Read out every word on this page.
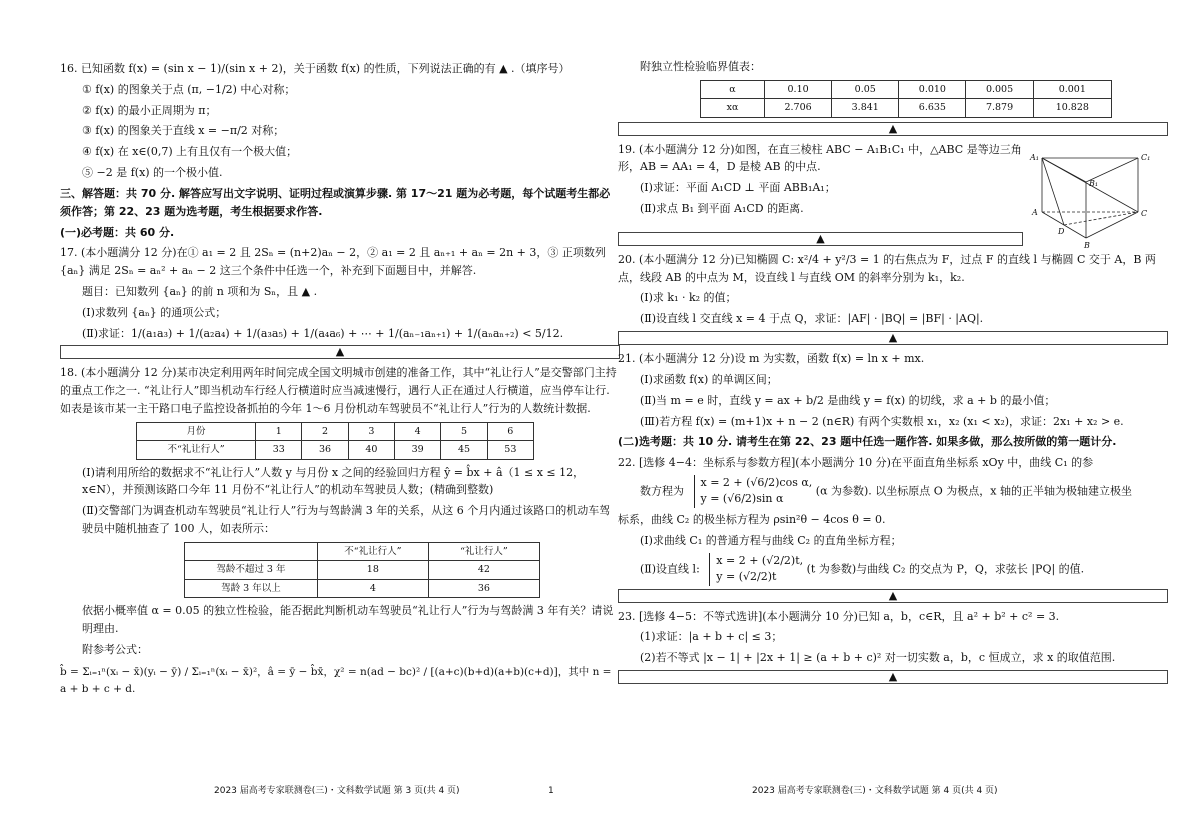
16. 已知函数 f(x) = (sin x − 1)/(sin x + 2)，关于函数 f(x) 的性质，下列说法正确的有 ▲ .（填序号）

① f(x) 的图象关于点 (π, −1/2) 中心对称；

② f(x) 的最小正周期为 π；

③ f(x) 的图象关于直线 x = −π/2 对称；

④ f(x) 在 x∈(0,7) 上有且仅有一个极大值；

⑤ −2 是 f(x) 的一个极小值.

三、解答题：共 70 分. 解答应写出文字说明、证明过程或演算步骤. 第 17～21 题为必考题，每个试题考生都必须作答；第 22、23 题为选考题，考生根据要求作答.

(一)必考题：共 60 分.

17. (本小题满分 12 分)在① a₁ = 2 且 2Sₙ = (n+2)aₙ − 2，② a₁ = 2 且 aₙ₊₁ + aₙ = 2n + 3，③ 正项数列 {aₙ} 满足 2Sₙ = aₙ² + aₙ − 2 这三个条件中任选一个，补充到下面题目中，并解答.

题目：已知数列 {aₙ} 的前 n 项和为 Sₙ，且 ▲ .

(Ⅰ)求数列 {aₙ} 的通项公式；

(Ⅱ)求证：1/(a₁a₃) + 1/(a₂a₄) + 1/(a₃a₅) + 1/(a₄a₆) + ⋯ + 1/(aₙ₋₁aₙ₊₁) + 1/(aₙaₙ₊₂) < 5/12.

▲

18. (本小题满分 12 分)某市决定利用两年时间完成全国文明城市创建的准备工作，其中“礼让行人”是交警部门主持的重点工作之一. “礼让行人”即当机动车行经人行横道时应当减速慢行，遇行人正在通过人行横道，应当停车让行. 如表是该市某一主干路口电子监控设备抓拍的今年 1～6 月份机动车驾驶员不“礼让行人”行为的人数统计数据.

月份	1	2	3	4	5	6
不“礼让行人”	33	36	40	39	45	53

(Ⅰ)请利用所给的数据求不“礼让行人”人数 y 与月份 x 之间的经验回归方程 ŷ = b̂x + â（1 ≤ x ≤ 12，x∈N），并预测该路口今年 11 月份不“礼让行人”的机动车驾驶员人数；(精确到整数)

(Ⅱ)交警部门为调查机动车驾驶员“礼让行人”行为与驾龄满 3 年的关系，从这 6 个月内通过该路口的机动车驾驶员中随机抽查了 100 人，如表所示：

	不“礼让行人”	“礼让行人”
驾龄不超过 3 年	18	42
驾龄 3 年以上	4	36

依据小概率值 α = 0.05 的独立性检验，能否据此判断机动车驾驶员“礼让行人”行为与驾龄满 3 年有关？请说明理由.

附参考公式：

b̂ = Σᵢ₌₁ⁿ(xᵢ − x̄)(yᵢ − ȳ) / Σᵢ₌₁ⁿ(xᵢ − x̄)²，â = ȳ − b̂x̄，χ² = n(ad − bc)² / [(a+c)(b+d)(a+b)(c+d)]，其中 n = a + b + c + d.

2023 届高考专家联测卷(三)・文科数学试题 第 3 页(共 4 页)	1

附独立性检验临界值表：

α	0.10	0.05	0.010	0.005	0.001
xα	2.706	3.841	6.635	7.879	10.828
▲

19. (本小题满分 12 分)如图，在直三棱柱 ABC − A₁B₁C₁ 中，△ABC 是等边三角形，AB = AA₁ = 4，D 是棱 AB 的中点.

(Ⅰ)求证：平面 A₁CD ⊥ 平面 ABB₁A₁；

(Ⅱ)求点 B₁ 到平面 A₁CD 的距离.

▲

20. (本小题满分 12 分)已知椭圆 C: x²/4 + y²/3 = 1 的右焦点为 F，过点 F 的直线 l 与椭圆 C 交于 A，B 两点，线段 AB 的中点为 M，设直线 l 与直线 OM 的斜率分别为 k₁，k₂.

(Ⅰ)求 k₁ · k₂ 的值；

(Ⅱ)设直线 l 交直线 x = 4 于点 Q，求证：|AF| · |BQ| = |BF| · |AQ|.

▲

21. (本小题满分 12 分)设 m 为实数，函数 f(x) = ln x + mx.

(Ⅰ)求函数 f(x) 的单调区间；

(Ⅱ)当 m = e 时，直线 y = ax + b/2 是曲线 y = f(x) 的切线，求 a + b 的最小值；

(Ⅲ)若方程 f(x) = (m+1)x + n − 2 (n∈R) 有两个实数根 x₁，x₂ (x₁ < x₂)，求证：2x₁ + x₂ > e.

(二)选考题：共 10 分. 请考生在第 22、23 题中任选一题作答. 如果多做，那么按所做的第一题计分.

22. [选修 4−4：坐标系与参数方程](本小题满分 10 分)在平面直角坐标系 xOy 中，曲线 C₁ 的参

数方程为
x = 2 + (√6/2)cos α,
y = (√6/2)sin α
(α 为参数). 以坐标原点 O 为极点，x 轴的正半轴为极轴建立极坐

标系，曲线 C₂ 的极坐标方程为 ρsin²θ − 4cos θ = 0.

(Ⅰ)求曲线 C₁ 的普通方程与曲线 C₂ 的直角坐标方程；

(Ⅱ)设直线 l:
x = 2 + (√2/2)t,
y = (√2/2)t
(t 为参数)与曲线 C₂ 的交点为 P，Q，求弦长 |PQ| 的值.

▲

23. [选修 4−5：不等式选讲](本小题满分 10 分)已知 a，b，c∈R，且 a² + b² + c² = 3.

(1)求证：|a + b + c| ≤ 3；

(2)若不等式 |x − 1| + |2x + 1| ≥ (a + b + c)² 对一切实数 a，b，c 恒成立，求 x 的取值范围.

▲
2023 届高考专家联测卷(三)・文科数学试题 第 4 页(共 4 页)
A₁	C₁
B₁
A
D
C
B
